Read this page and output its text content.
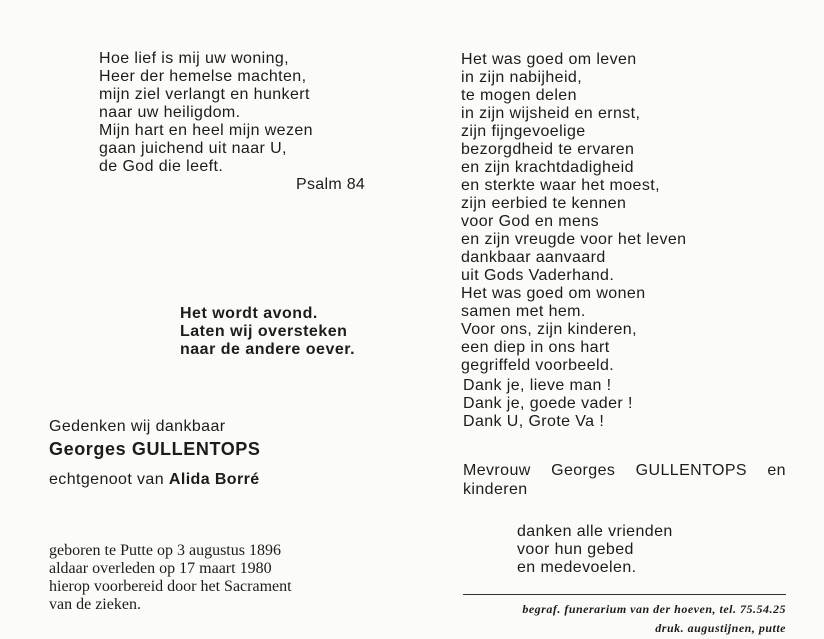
Hoe lief is mij uw woning,
Heer der hemelse machten,
mijn ziel verlangt en hunkert
naar uw heiligdom.
Mijn hart en heel mijn wezen
gaan juichend uit naar U,
de God die leeft.
Psalm 84
Het wordt avond.
Laten wij oversteken
naar de andere oever.
Gedenken wij dankbaar
Georges GULLENTOPS
echtgenoot van Alida Borré
geboren te Putte op 3 augustus 1896
aldaar overleden op 17 maart 1980
hierop voorbereid door het Sacrament
van de zieken.
Het was goed om leven
in zijn nabijheid,
te mogen delen
in zijn wijsheid en ernst,
zijn fijngevoelige
bezorgdheid te ervaren
en zijn krachtdadigheid
en sterkte waar het moest,
zijn eerbied te kennen
voor God en mens
en zijn vreugde voor het leven
dankbaar aanvaard
uit Gods Vaderhand.
Het was goed om wonen
samen met hem.
Voor ons, zijn kinderen,
een diep in ons hart
gegriffeld voorbeeld.
Dank je, lieve man !
Dank je, goede vader !
Dank U, Grote Va !
Mevrouw Georges GULLENTOPS en
kinderen
danken alle vrienden
voor hun gebed
en medevoelen.
begraf. funerarium van der hoeven, tel. 75.54.25
druk. augustijnen, putte
